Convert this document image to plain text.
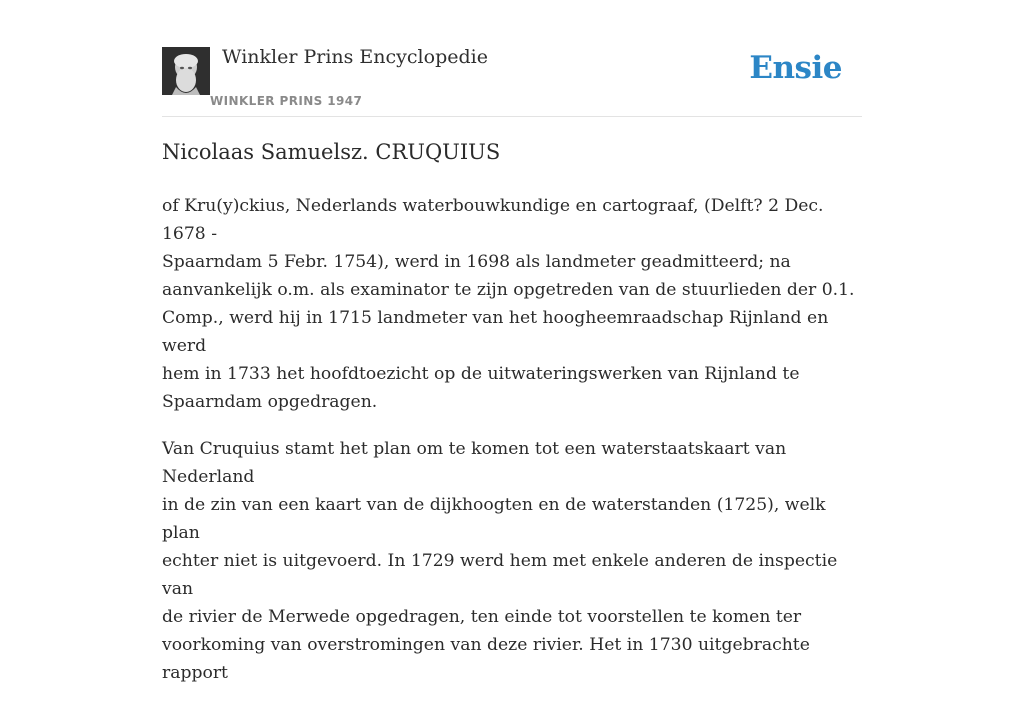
Winkler Prins Encyclopedie
WINKLER PRINS 1947
Ensie
Nicolaas Samuelsz. CRUQUIUS

of Kru(y)ckius, Nederlands waterbouwkundige en cartograaf, (Delft? 2 Dec. 1678 -
Spaarndam 5 Febr. 1754), werd in 1698 als landmeter geadmitteerd; na
aanvankelijk o.m. als examinator te zijn opgetreden van de stuurlieden der 0.1.
Comp., werd hij in 1715 landmeter van het hoogheemraadschap Rijnland en werd
hem in 1733 het hoofdtoezicht op de uitwateringswerken van Rijnland te
Spaarndam opgedragen.

Van Cruquius stamt het plan om te komen tot een waterstaatskaart van Nederland
in de zin van een kaart van de dijkhoogten en de waterstanden (1725), welk plan
echter niet is uitgevoerd. In 1729 werd hem met enkele anderen de inspectie van
de rivier de Merwede opgedragen, ten einde tot voorstellen te komen ter
voorkoming van overstromingen van deze rivier. Het in 1730 uitgebrachte rapport
